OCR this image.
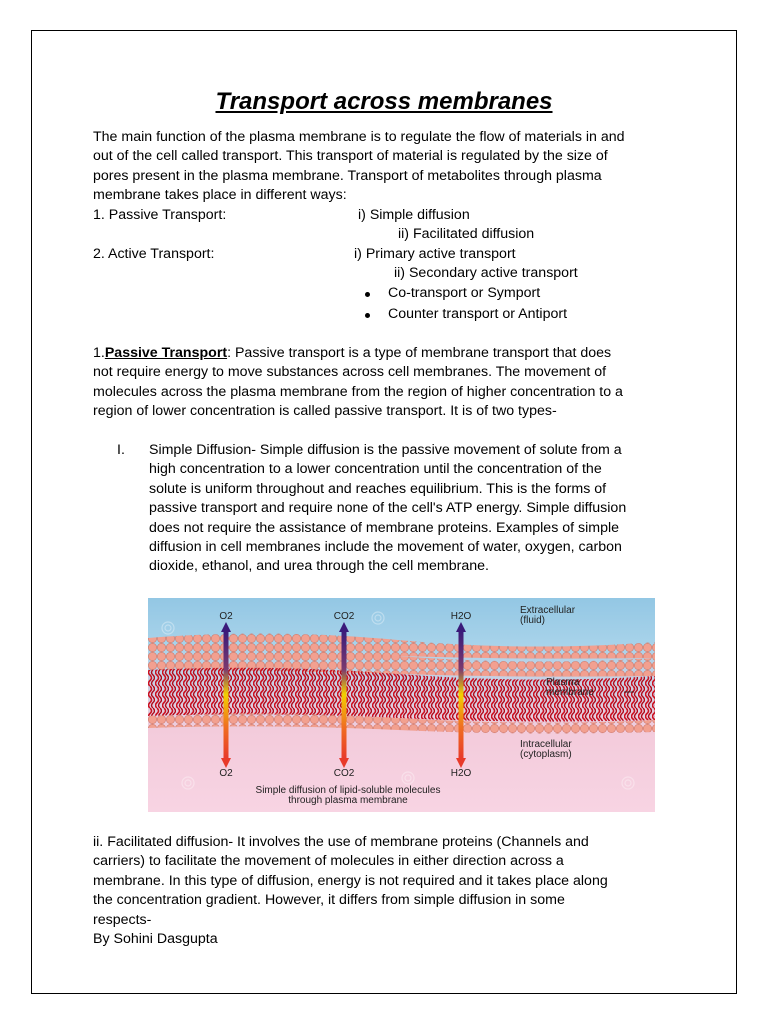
Transport across membranes
The main function of the plasma membrane is to regulate the flow of materials in and
out of the cell called transport. This transport of material is regulated by the size of
pores present in the plasma membrane. Transport of metabolites through plasma
membrane takes place in different ways:
1. Passive Transport:	i) Simple diffusion
ii) Facilitated diffusion
2. Active Transport:	i) Primary active transport
ii) Secondary active transport
Co-transport or Symport
Counter transport or Antiport
1.Passive Transport: Passive transport is a type of membrane transport that does
not require energy to move substances across cell membranes. The movement of
molecules across the plasma membrane from the region of higher concentration to a
region of lower concentration is called passive transport. It is of two types-
I. Simple Diffusion- Simple diffusion is the passive movement of solute from a
high concentration to a lower concentration until the concentration of the
solute is uniform throughout and reaches equilibrium. This is the forms of
passive transport and require none of the cell's ATP energy. Simple diffusion
does not require the assistance of membrane proteins. Examples of simple
diffusion in cell membranes include the movement of water, oxygen, carbon
dioxide, ethanol, and urea through the cell membrane.
O2	CO2	H2O
O2	CO2	H2O
Extracellular
(fluid)
Plasma
membrane
Intracellular
(cytoplasm)
Simple diffusion of lipid-soluble molecules
through plasma membrane
ii. Facilitated diffusion- It involves the use of membrane proteins (Channels and
carriers) to facilitate the movement of molecules in either direction across a
membrane. In this type of diffusion, energy is not required and it takes place along
the concentration gradient. However, it differs from simple diffusion in some
respects-
By Sohini Dasgupta
